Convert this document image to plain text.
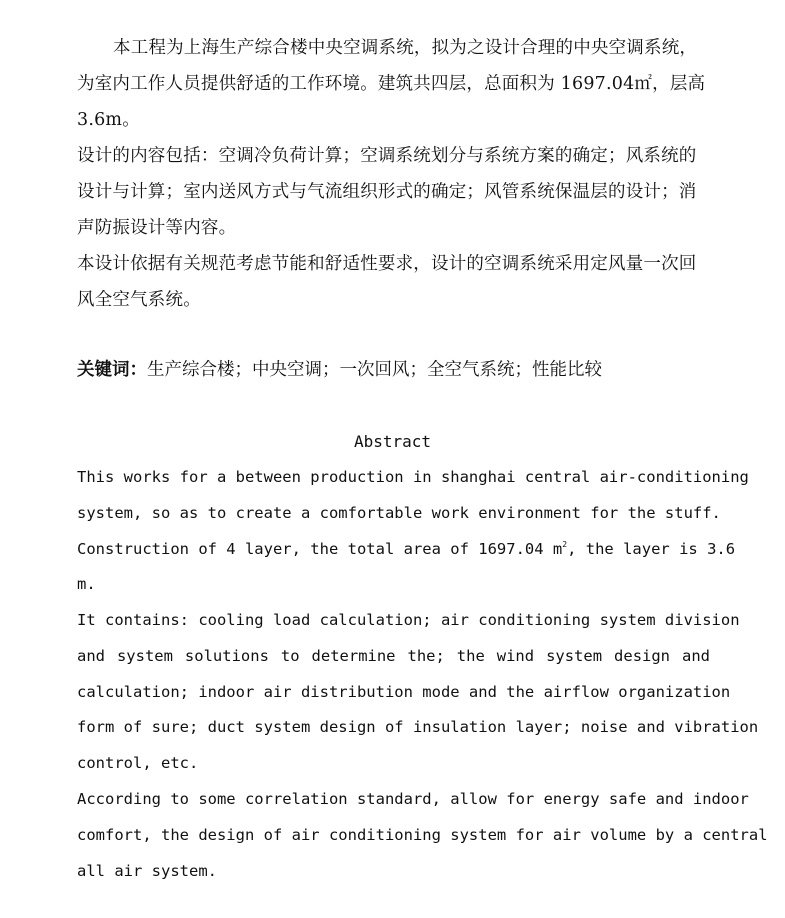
本工程为上海生产综合楼中央空调系统，拟为之设计合理的中央空调系统，
为室内工作人员提供舒适的工作环境。建筑共四层，总面积为 1697.04㎡，层高
3.6m。

设计的内容包括：空调冷负荷计算；空调系统划分与系统方案的确定；风系统的
设计与计算；室内送风方式与气流组织形式的确定；风管系统保温层的设计；消
声防振设计等内容。

本设计依据有关规范考虑节能和舒适性要求，设计的空调系统采用定风量一次回
风全空气系统。

关键词：生产综合楼；中央空调；一次回风；全空气系统；性能比较

Abstract

This works for a between production in shanghai central air-conditioning
system, so as to create a comfortable work environment for the stuff.
Construction of 4 layer, the total area of 1697.04 $m^2$, the layer is 3.6
m.

It contains: cooling load calculation; air conditioning system division
and system solutions to determine the; the wind system design and
calculation; indoor air distribution mode and the airflow organization
form of sure; duct system design of insulation layer; noise and vibration
control, etc.

According to some correlation standard, allow for energy safe and indoor
comfort, the design of air conditioning system for air volume by a central
all air system.
